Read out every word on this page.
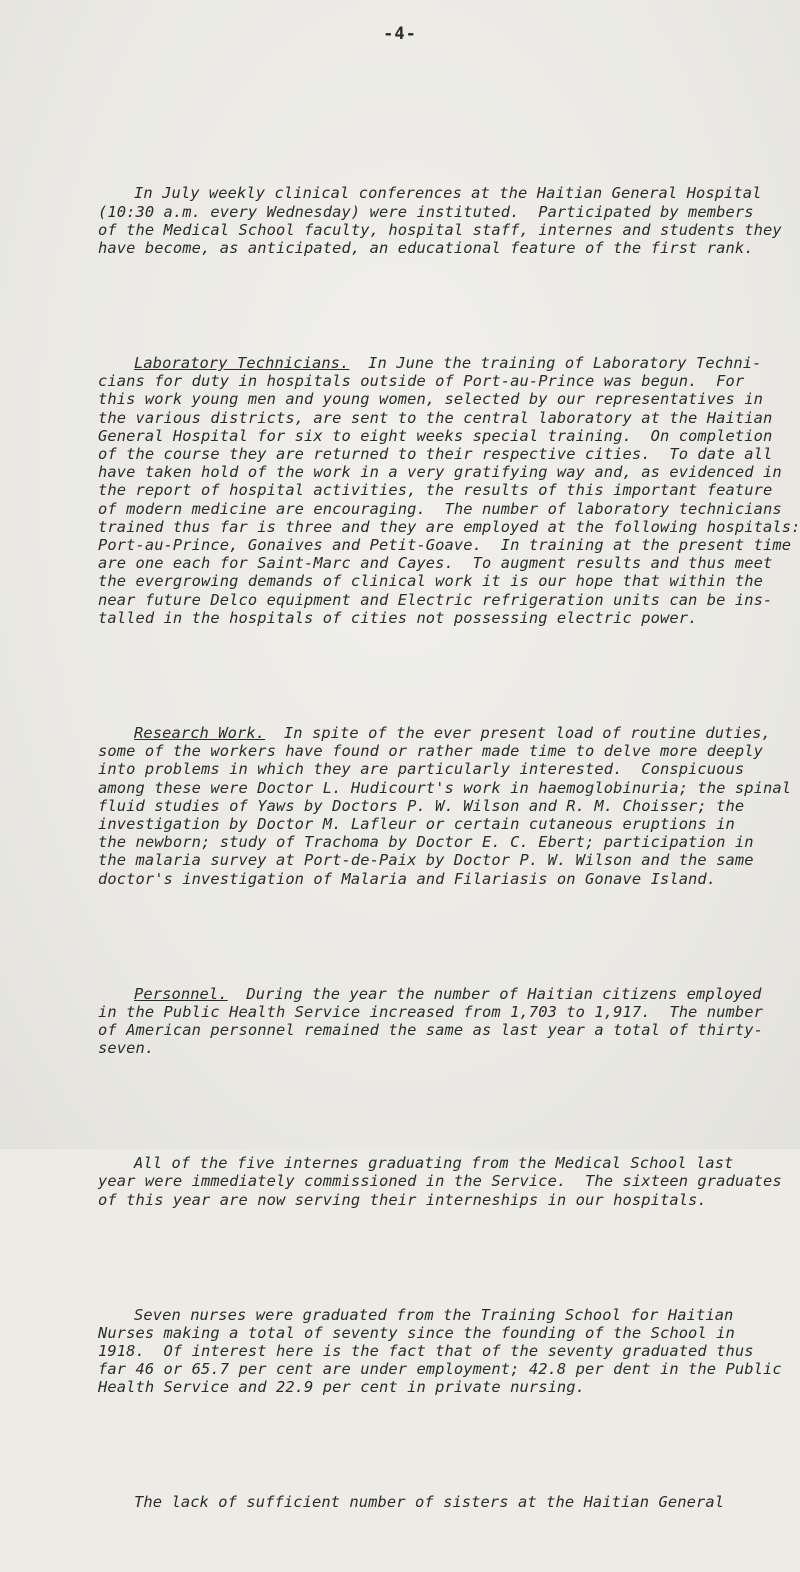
-4-

In July weekly clinical conferences at the Haitian General Hospital
(10:30 a.m. every Wednesday) were instituted.  Participated by members
of the Medical School faculty, hospital staff, internes and students they
have become, as anticipated, an educational feature of the first rank.

Laboratory Technicians.  In June the training of Laboratory Techni-
cians for duty in hospitals outside of Port-au-Prince was begun.  For
this work young men and young women, selected by our representatives in
the various districts, are sent to the central laboratory at the Haitian
General Hospital for six to eight weeks special training.  On completion
of the course they are returned to their respective cities.  To date all
have taken hold of the work in a very gratifying way and, as evidenced in
the report of hospital activities, the results of this important feature
of modern medicine are encouraging.  The number of laboratory technicians
trained thus far is three and they are employed at the following hospitals:
Port-au-Prince, Gonaives and Petit-Goave.  In training at the present time
are one each for Saint-Marc and Cayes.  To augment results and thus meet
the evergrowing demands of clinical work it is our hope that within the
near future Delco equipment and Electric refrigeration units can be ins-
talled in the hospitals of cities not possessing electric power.

Research Work.  In spite of the ever present load of routine duties,
some of the workers have found or rather made time to delve more deeply
into problems in which they are particularly interested.  Conspicuous
among these were Doctor L. Hudicourt's work in haemoglobinuria; the spinal
fluid studies of Yaws by Doctors P. W. Wilson and R. M. Choisser; the
investigation by Doctor M. Lafleur or certain cutaneous eruptions in
the newborn; study of Trachoma by Doctor E. C. Ebert; participation in
the malaria survey at Port-de-Paix by Doctor P. W. Wilson and the same
doctor's investigation of Malaria and Filariasis on Gonave Island.

Personnel.  During the year the number of Haitian citizens employed
in the Public Health Service increased from 1,703 to 1,917.  The number
of American personnel remained the same as last year a total of thirty-
seven.

All of the five internes graduating from the Medical School last
year were immediately commissioned in the Service.  The sixteen graduates
of this year are now serving their interneships in our hospitals.

Seven nurses were graduated from the Training School for Haitian
Nurses making a total of seventy since the founding of the School in
1918.  Of interest here is the fact that of the seventy graduated thus
far 46 or 65.7 per cent are under employment; 42.8 per dent in the Public
Health Service and 22.9 per cent in private nursing.

The lack of sufficient number of sisters at the Haitian General
